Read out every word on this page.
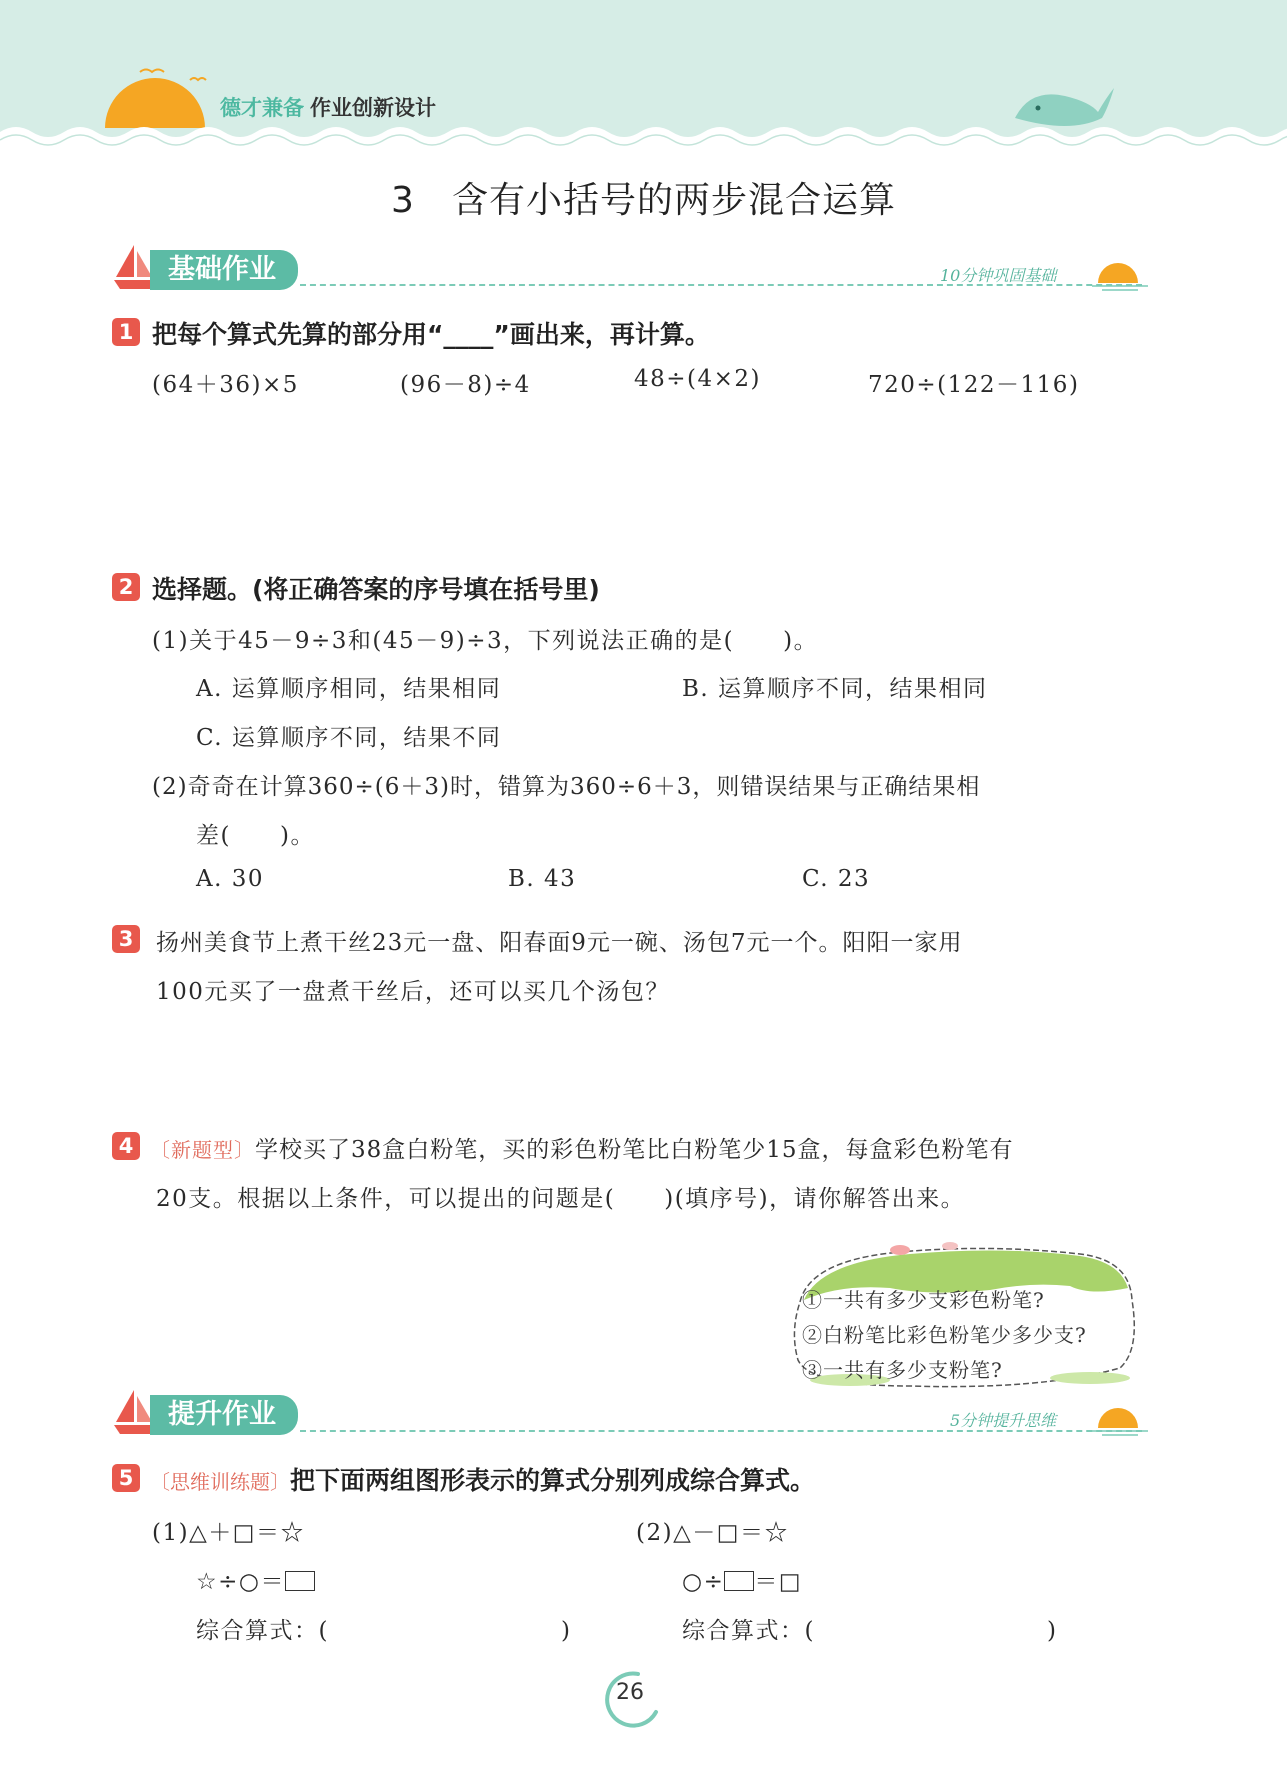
德才兼备 作业创新设计
3　含有小括号的两步混合运算
基础作业	10分钟巩固基础
1 把每个算式先算的部分用“____”画出来，再计算。
(64＋36)×5	(96－8)÷4	48÷(4×2)	720÷(122－116)
2 选择题。(将正确答案的序号填在括号里)
(1)关于45－9÷3和(45－9)÷3，下列说法正确的是(　　)。
A. 运算顺序相同，结果相同	B. 运算顺序不同，结果相同
C. 运算顺序不同，结果不同
(2)奇奇在计算360÷(6＋3)时，错算为360÷6＋3，则错误结果与正确结果相
差(　　)。
A. 30	B. 43	C. 23
3 扬州美食节上煮干丝23元一盘、阳春面9元一碗、汤包7元一个。阳阳一家用
100元买了一盘煮干丝后，还可以买几个汤包？
4 〔新题型〕学校买了38盒白粉笔，买的彩色粉笔比白粉笔少15盒，每盒彩色粉笔有
20支。根据以上条件，可以提出的问题是(　　)(填序号)，请你解答出来。
①一共有多少支彩色粉笔?
②白粉笔比彩色粉笔少多少支?
③一共有多少支粉笔?
提升作业	5分钟提升思维
5 〔思维训练题〕把下面两组图形表示的算式分别列成综合算式。
(1)△＋□＝☆
☆÷○＝
综合算式：(	)
(2)△－□＝☆
○÷ ＝□
综合算式：(	)
26
